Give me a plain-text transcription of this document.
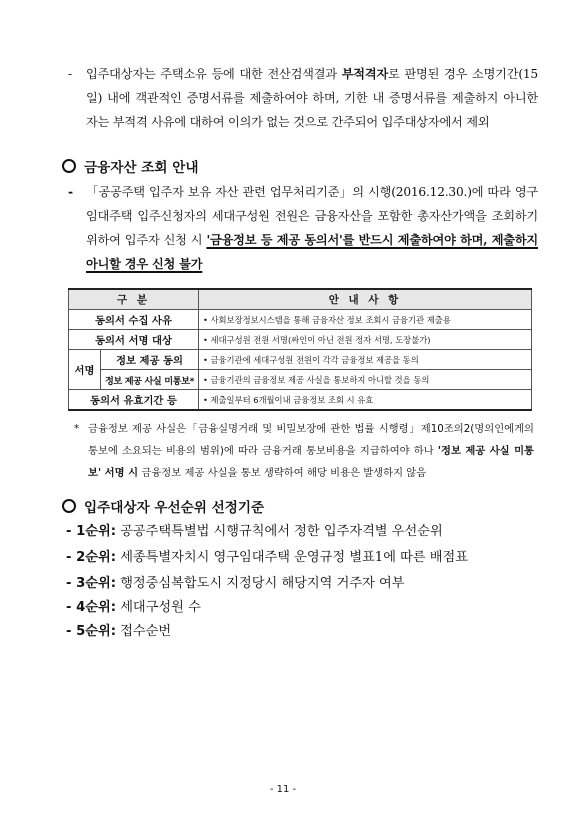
- 입주대상자는 주택소유 등에 대한 전산검색결과 부적격자로 판명된 경우 소명기간(15일) 내에 객관적인 증명서류를 제출하여야 하며, 기한 내 증명서류를 제출하지 아니한 자는 부적격 사유에 대하여 이의가 없는 것으로 간주되어 입주대상자에서 제외
금융자산 조회 안내
- 「공공주택 입주자 보유 자산 관련 업무처리기준」의 시행(2016.12.30.)에 따라 영구임대주택 입주신청자의 세대구성원 전원은 금융자산을 포함한 총자산가액을 조회하기 위하여 입주자 신청 시 '금융정보 등 제공 동의서'를 반드시 제출하여야 하며, 제출하지 아니할 경우 신청 불가
구 분		안 내 사 항
동의서 수집 사유		• 사회보장정보시스템을 통해 금융자산 정보 조회시 금융기관 제출용
동의서 서명 대상		• 세대구성원 전원 서명(싸인이 아닌 전원 정자 서명, 도장불가)
서명	정보 제공 동의	• 금융기관에 세대구성원 전원이 각각 금융정보 제공을 동의
	정보 제공 사실 미통보*	• 금융기관의 금융정보 제공 사실을 통보하지 아니할 것을 동의
동의서 유효기간 등		• 제출일부터 6개월이내 금융정보 조회 시 유효
* 금융정보 제공 사실은「금융실명거래 및 비밀보장에 관한 법률 시행령」제10조의2(명의인에게의 통보에 소요되는 비용의 범위)에 따라 금융거래 통보비용을 지급하여야 하나 '정보 제공 사실 미통보' 서명 시 금융정보 제공 사실을 통보 생략하여 해당 비용은 발생하지 않음
입주대상자 우선순위 선정기준
- 1순위: 공공주택특별법 시행규칙에서 정한 입주자격별 우선순위
- 2순위: 세종특별자치시 영구임대주택 운영규정 별표1에 따른 배점표
- 3순위: 행정중심복합도시 지정당시 해당지역 거주자 여부
- 4순위: 세대구성원 수
- 5순위: 접수순번
- 11 -
